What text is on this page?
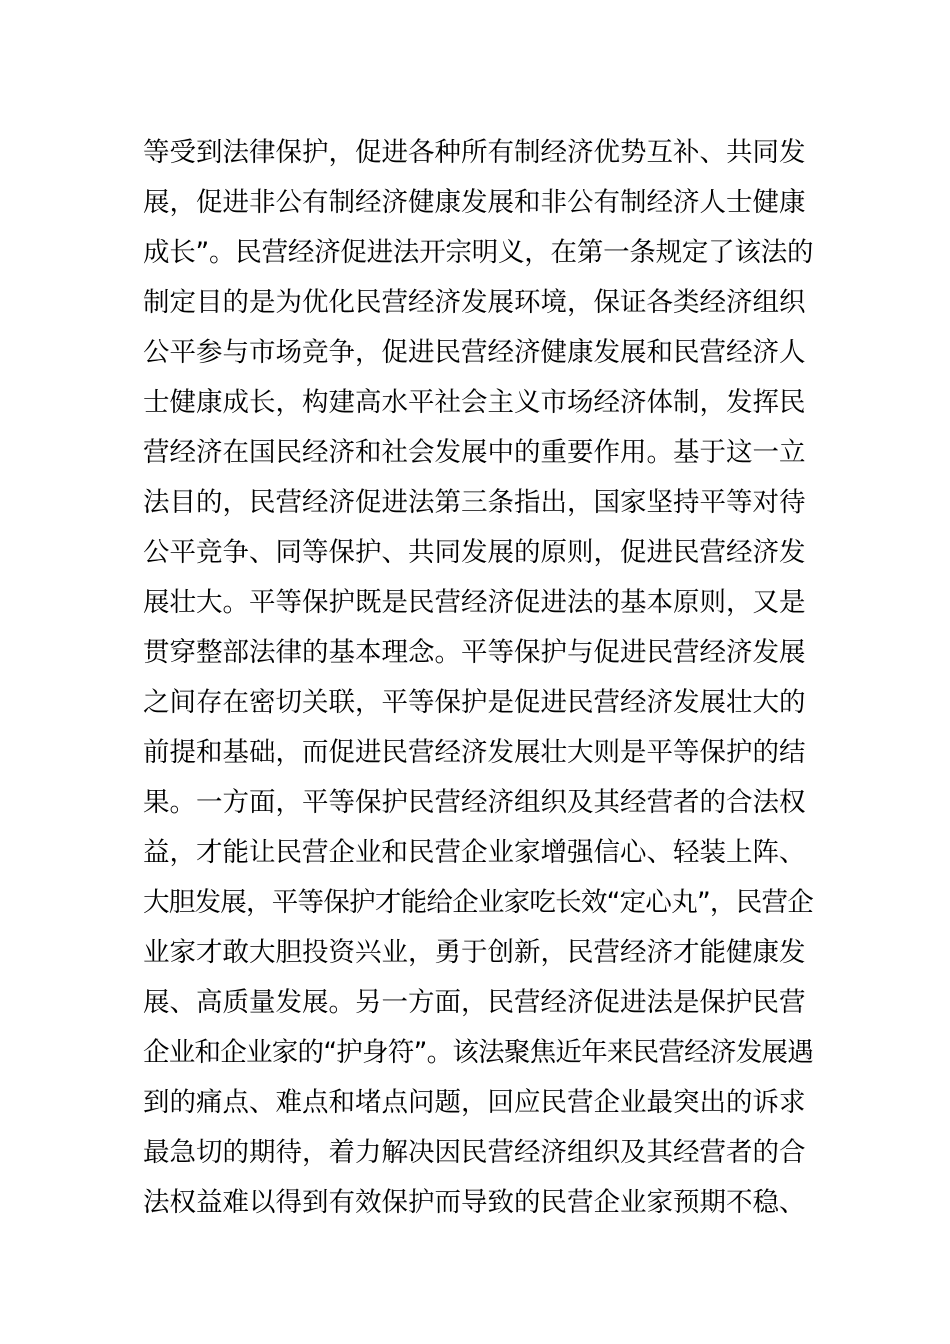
等受到法律保护，促进各种所有制经济优势互补、共同发
展，促进非公有制经济健康发展和非公有制经济人士健康
成长”。民营经济促进法开宗明义，在第一条规定了该法的
制定目的是为优化民营经济发展环境，保证各类经济组织
公平参与市场竞争，促进民营经济健康发展和民营经济人
士健康成长，构建高水平社会主义市场经济体制，发挥民
营经济在国民经济和社会发展中的重要作用。基于这一立
法目的，民营经济促进法第三条指出，国家坚持平等对待
公平竞争、同等保护、共同发展的原则，促进民营经济发
展壮大。平等保护既是民营经济促进法的基本原则，又是
贯穿整部法律的基本理念。平等保护与促进民营经济发展
之间存在密切关联，平等保护是促进民营经济发展壮大的
前提和基础，而促进民营经济发展壮大则是平等保护的结
果。一方面，平等保护民营经济组织及其经营者的合法权
益，才能让民营企业和民营企业家增强信心、轻装上阵、
大胆发展，平等保护才能给企业家吃长效“定心丸”，民营企
业家才敢大胆投资兴业，勇于创新，民营经济才能健康发
展、高质量发展。另一方面，民营经济促进法是保护民营
企业和企业家的“护身符”。该法聚焦近年来民营经济发展遇
到的痛点、难点和堵点问题，回应民营企业最突出的诉求
最急切的期待，着力解决因民营经济组织及其经营者的合
法权益难以得到有效保护而导致的民营企业家预期不稳、
